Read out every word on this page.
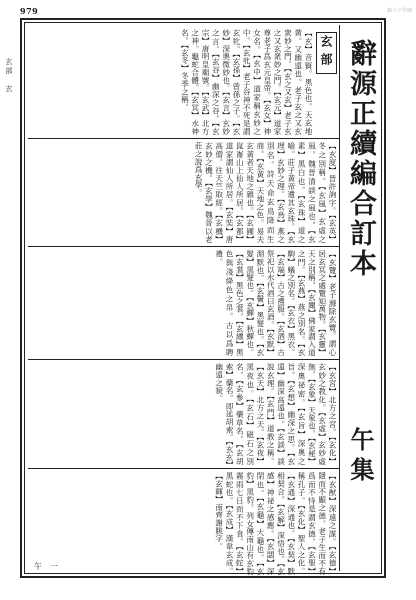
979	鶴大字學網
玄部
【玄】音賢。黑色也。天玄地黃。又幽遠也。老子玄之又玄衆妙之門。【玄之又玄】老子玄之又玄衆妙之門。【玄元】道家尊老子爲玄元皇帝。【玄女】神女名。【玄中】道家稱玄妙之中。【玄牝】老子谷神不死是謂玄牝。【玄孫】曾孫之子。【玄妙】深奧微妙也。【玄言】玄妙之言。【玄谷】幽深之谷。【玄宗】唐明皇廟號。【玄武】北方之神。龜蛇合體。【玄冥】水神名。【玄冬】冬季之稱。
【玄度】晉許詢字。【玄英】冬之別稱。【玄風】玄虛之風。魏晉清談之風也。【玄素】黑白也。【玄珠】道之喻。莊子黃帝遺其玄珠。【玄理】玄妙之理。【玄鳥】燕之別名。詩天命玄鳥降而生商。【玄黃】天地之色。易夫玄黃者天地之雜也。【玄圃】崑崙山上仙人所居。【玄都】道家謂仙人所居。【玄奘】唐高僧。往天竺取經。【玄機】玄妙之機。【玄學】魏晉以老莊之說爲玄學。
【玄覽】老子滌除玄覽。謂心居玄冥之處覽知萬物。【玄靈】天之別稱。【玄關】佛家謂入道之門。【玄燕】燕之別名。【玄駒】蟻之別名。【玄衣】黑衣。【玄端】古之禮服。【玄酒】古祭祀以水代酒曰玄酒。【玄默】淵默也。【玄鬢】黑髮也。【玄髮】黑髮也。【玄蟬】秋蟬也。【玄裳】黑色之裳。【玄纁】黑色與淺絳色之帛。古以爲聘禮。
【玄宮】北方之宮。【玄化】玄妙之教化。【玄虛】玄妙虛無。【玄象】天象也。【玄秘】深奧祕密。【玄旨】深奧之旨。【玄想】幽深之思。【玄遠】幽深高遠也。【玄談】談說玄理。【玄門】道教之稱。【玄天】北方之天。【玄夜】黑夜也。【玄石】磁石之別名。【玄參】藥草名。【玄胡索】藥名。即延胡索。【玄玄】幽遠之貌。
【玄猷】深遠之謀。【玄德】隱而不顯之德。老子生而不有爲而不恃是謂玄德。【玄聖】稱孔子。【玄化】聖人之化。【玄通】深通也。【玄契】默相契合。【玄解】深悟也。【玄感】神祕之感應。【玄閟】深閉也。【玄龜】大龜也。【玄豹】黑豹。列女傳南山有玄豹霧雨七日而不下食。【玄蛇】黑蛇也。【玄成】漢韋玄成。【玄暉】南齊謝朓字。
午　一
辭源正續編合訂本
午集
玄部　玄
